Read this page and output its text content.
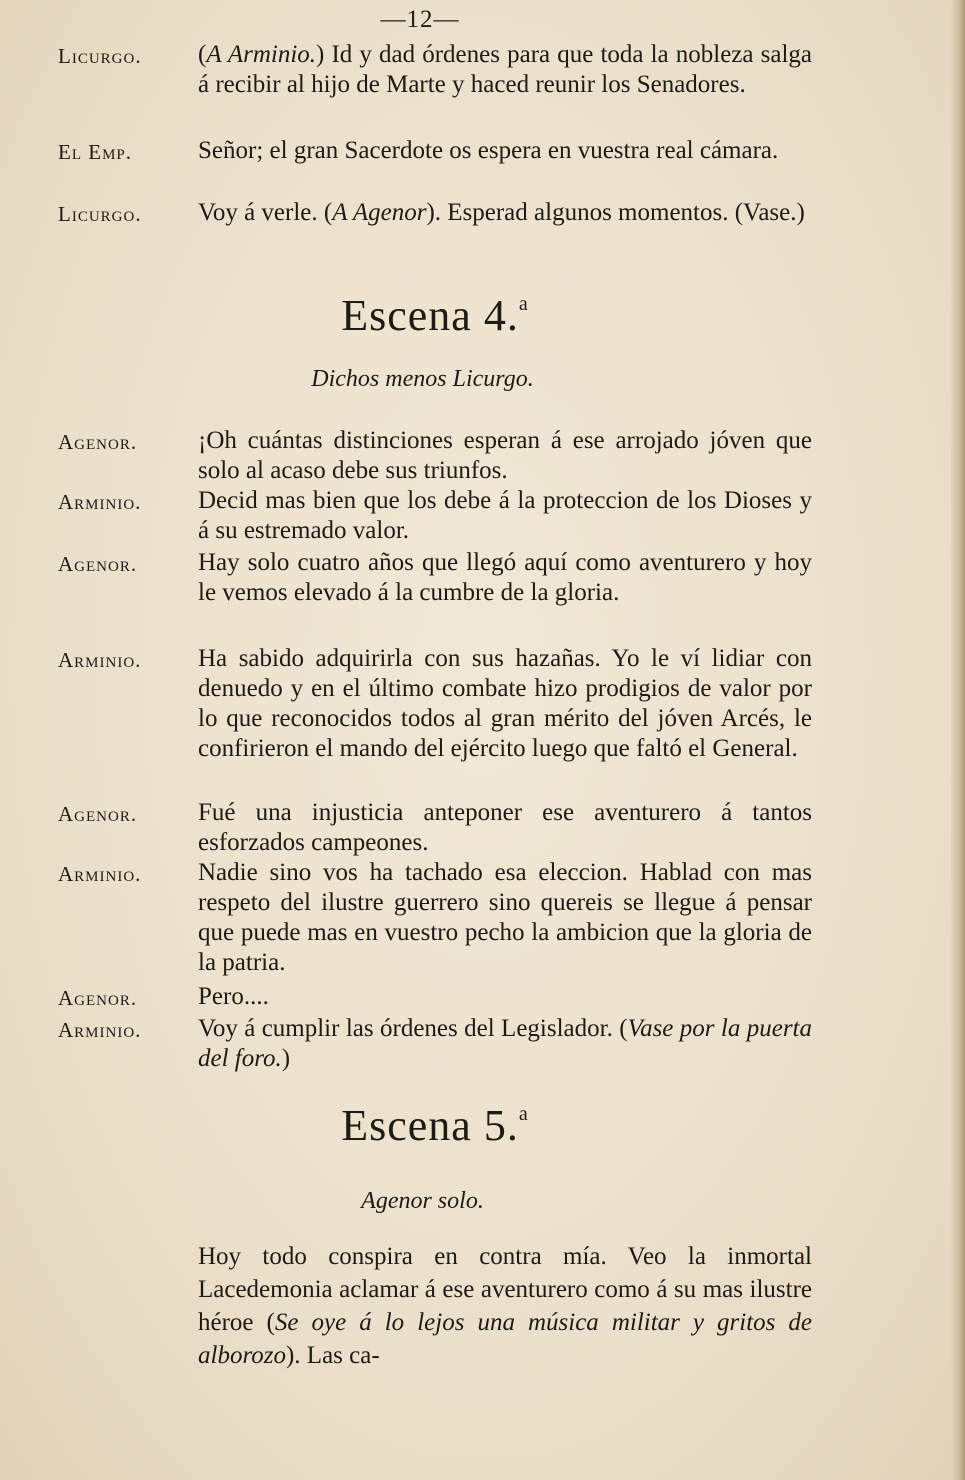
—12—
Licurgo. (A Arminio.) Id y dad órdenes para que toda la nobleza salga á recibir al hijo de Marte y haced reunir los Senadores.
El Emp.	Señor; el gran Sacerdote os espera en vuestra real cámara.
Licurgo. Voy á verle. (A Agenor). Esperad algunos momentos. (Vase.)
Escena 4.$^a$
Dichos menos Licurgo.
Agenor. ¡Oh cuántas distinciones esperan á ese arrojado jóven que solo al acaso debe sus triunfos.
Arminio. Decid mas bien que los debe á la proteccion de los Dioses y á su estremado valor.
Agenor. Hay solo cuatro años que llegó aquí como aventurero y hoy le vemos elevado á la cumbre de la gloria.
Arminio. Ha sabido adquirirla con sus hazañas. Yo le ví lidiar con denuedo y en el último combate hizo prodigios de valor por lo que reconocidos todos al gran mérito del jóven Arcés, le confirieron el mando del ejército luego que faltó el General.
Agenor. Fué una injusticia anteponer ese aventurero á tantos esforzados campeones.
Arminio. Nadie sino vos ha tachado esa eleccion. Hablad con mas respeto del ilustre guerrero sino quereis se llegue á pensar que puede mas en vuestro pecho la ambicion que la gloria de la patria.
Agenor. Pero....
Arminio. Voy á cumplir las órdenes del Legislador. (Vase por la puerta del foro.)
Escena 5.$^a$
Agenor solo.
Hoy todo conspira en contra mía. Veo la inmortal Lacedemonia aclamar á ese aventurero como á su mas ilustre héroe (Se oye á lo lejos una música militar y gritos de alborozo). Las ca-
